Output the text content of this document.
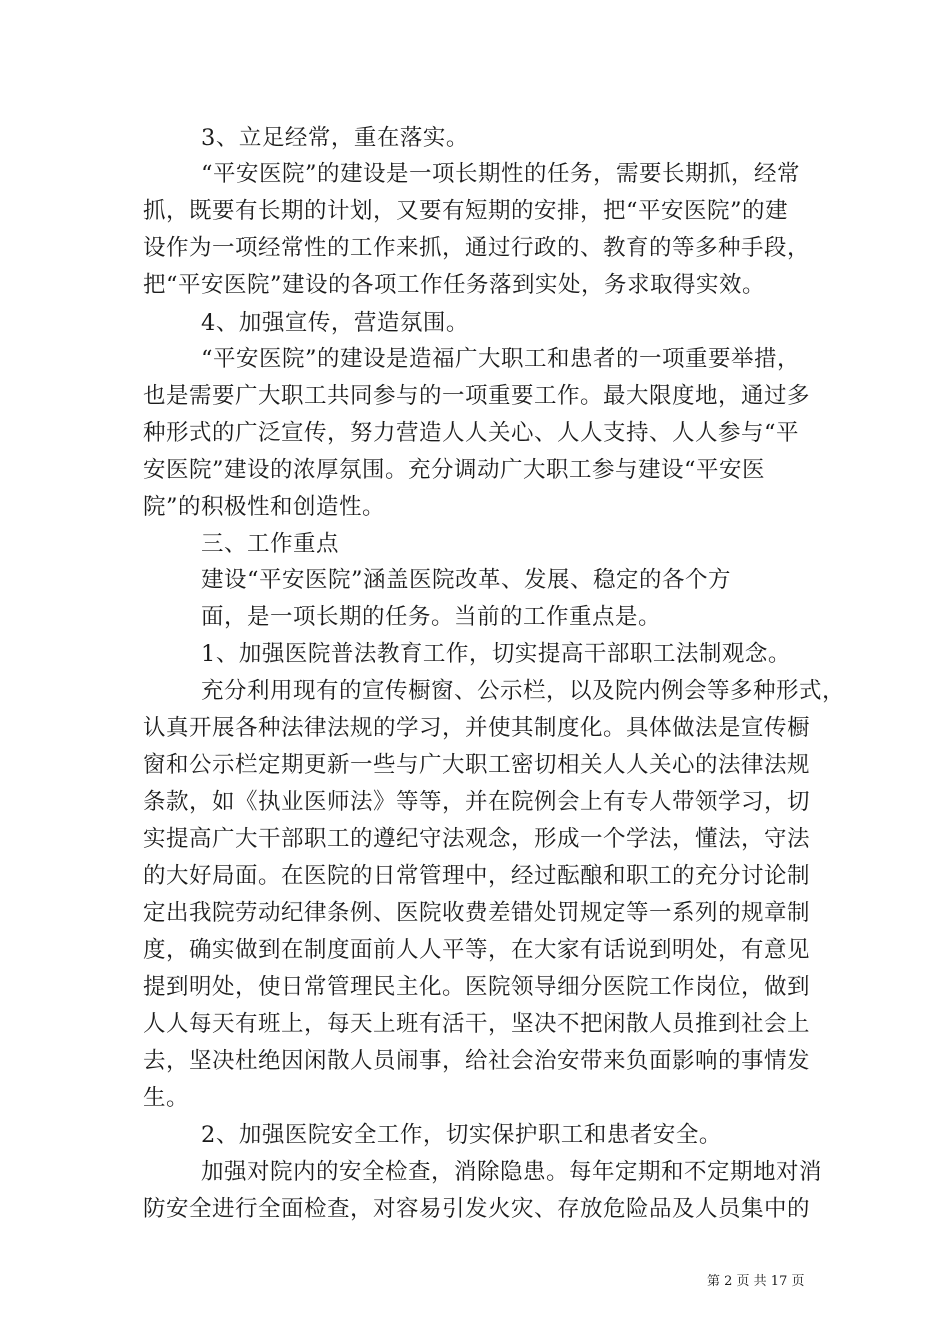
3、立足经常，重在落实。
“平安医院”的建设是一项长期性的任务，需要长期抓，经常
抓，既要有长期的计划，又要有短期的安排，把“平安医院”的建
设作为一项经常性的工作来抓，通过行政的、教育的等多种手段，
把“平安医院”建设的各项工作任务落到实处，务求取得实效。
4、加强宣传，营造氛围。
“平安医院”的建设是造福广大职工和患者的一项重要举措，
也是需要广大职工共同参与的一项重要工作。最大限度地，通过多
种形式的广泛宣传，努力营造人人关心、人人支持、人人参与“平
安医院”建设的浓厚氛围。充分调动广大职工参与建设“平安医
院”的积极性和创造性。
三、工作重点
建设“平安医院”涵盖医院改革、发展、稳定的各个方
面，是一项长期的任务。当前的工作重点是。
1、加强医院普法教育工作，切实提高干部职工法制观念。
充分利用现有的宣传橱窗、公示栏，以及院内例会等多种形式，
认真开展各种法律法规的学习，并使其制度化。具体做法是宣传橱
窗和公示栏定期更新一些与广大职工密切相关人人关心的法律法规
条款，如《执业医师法》等等，并在院例会上有专人带领学习，切
实提高广大干部职工的遵纪守法观念，形成一个学法，懂法，守法
的大好局面。在医院的日常管理中，经过酝酿和职工的充分讨论制
定出我院劳动纪律条例、医院收费差错处罚规定等一系列的规章制
度，确实做到在制度面前人人平等，在大家有话说到明处，有意见
提到明处，使日常管理民主化。医院领导细分医院工作岗位，做到
人人每天有班上，每天上班有活干，坚决不把闲散人员推到社会上
去，坚决杜绝因闲散人员闹事，给社会治安带来负面影响的事情发
生。
2、加强医院安全工作，切实保护职工和患者安全。
加强对院内的安全检查，消除隐患。每年定期和不定期地对消
防安全进行全面检查，对容易引发火灾、存放危险品及人员集中的
第 2 页 共 17 页
